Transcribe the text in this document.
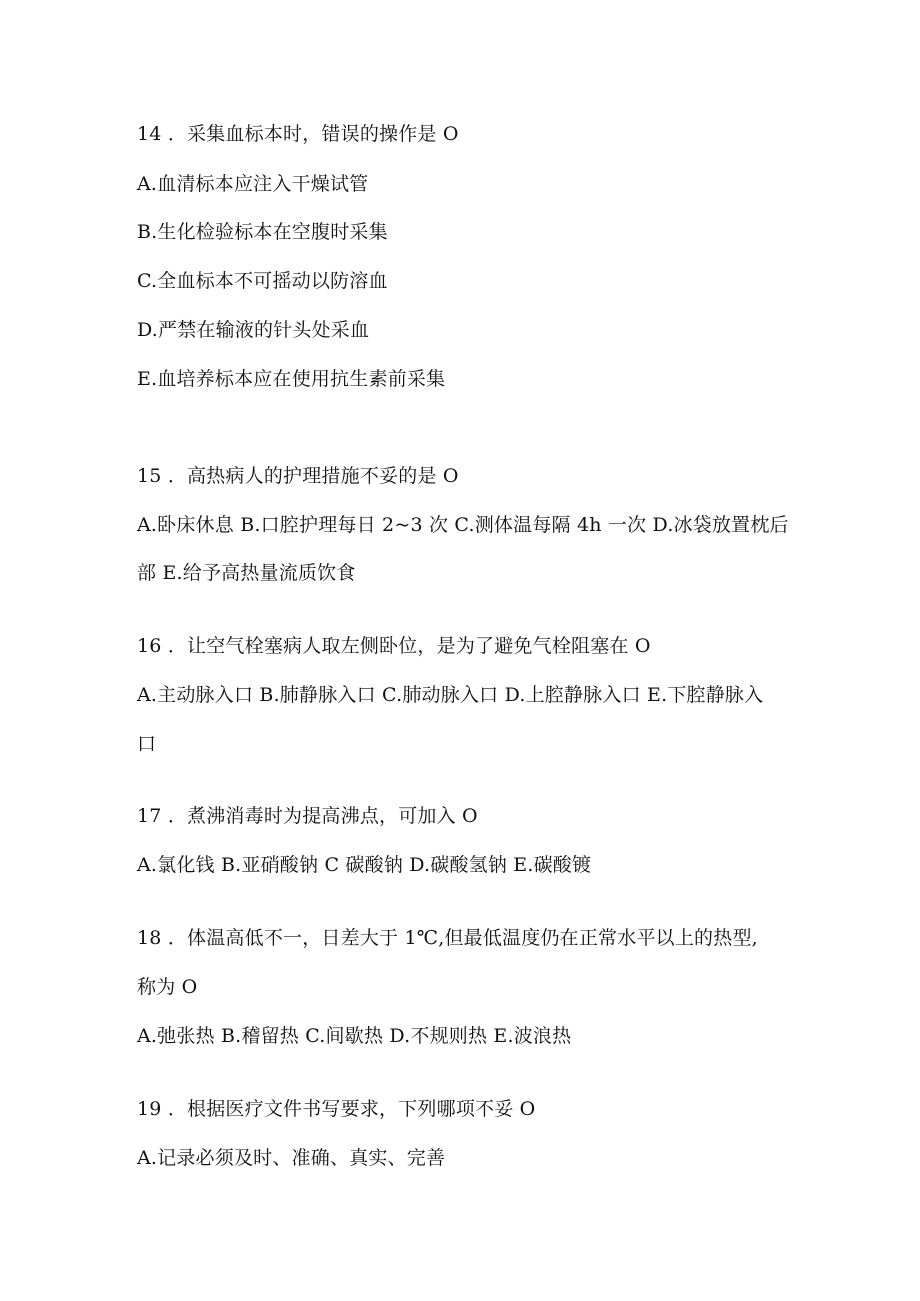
14 ．采集血标本时，错误的操作是 O
A.血清标本应注入干燥试管
B.生化检验标本在空腹时采集
C.全血标本不可摇动以防溶血
D.严禁在输液的针头处采血
E.血培养标本应在使用抗生素前采集
15 ．高热病人的护理措施不妥的是 O
A.卧床休息 B.口腔护理每日 2~3 次 C.测体温每隔 4h 一次 D.冰袋放置枕后
部 E.给予高热量流质饮食
16 ．让空气栓塞病人取左侧卧位，是为了避免气栓阻塞在 O
A.主动脉入口 B.肺静脉入口 C.肺动脉入口 D.上腔静脉入口 E.下腔静脉入
口
17 ．煮沸消毒时为提高沸点，可加入 O
A.氯化钱 B.亚硝酸钠 C 碳酸钠 D.碳酸氢钠 E.碳酸镀
18 ．体温高低不一，日差大于 1℃,但最低温度仍在正常水平以上的热型,
称为 O
A.弛张热 B.稽留热 C.间歇热 D.不规则热 E.波浪热
19 ．根据医疗文件书写要求，下列哪项不妥 O
A.记录必须及时、准确、真实、完善
